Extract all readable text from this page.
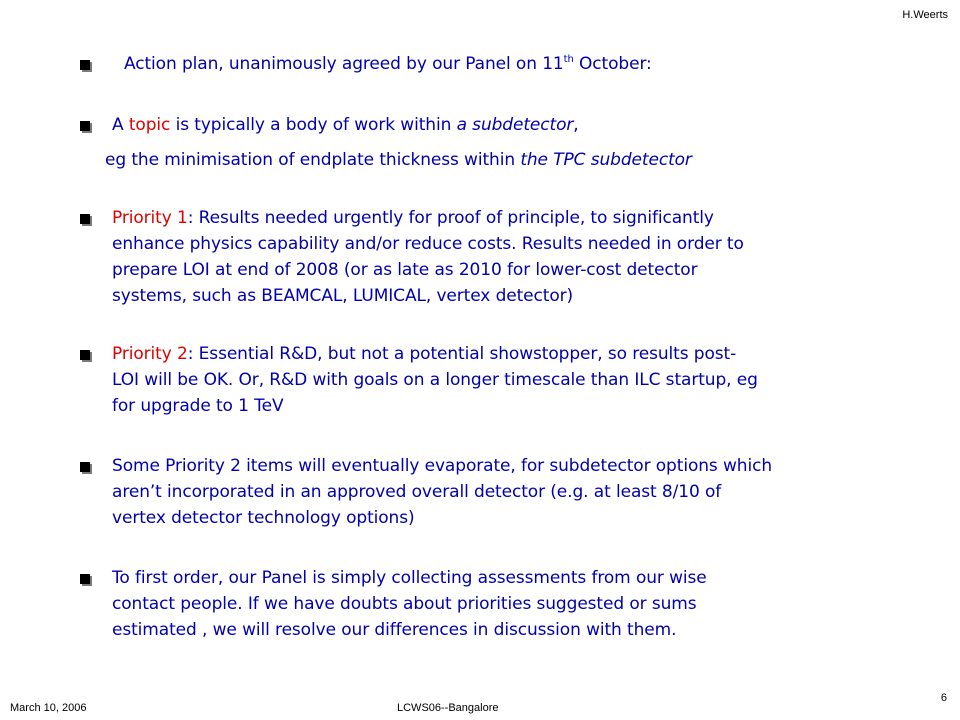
H.Weerts
Action plan, unanimously agreed by our Panel on 11th October:
A topic is typically a body of work within a subdetector,
eg the minimisation of endplate thickness within the TPC subdetector
Priority 1: Results needed urgently for proof of principle, to significantly
enhance physics capability and/or reduce costs. Results needed in order to
prepare LOI at end of 2008 (or as late as 2010 for lower-cost detector
systems, such as BEAMCAL, LUMICAL, vertex detector)
Priority 2: Essential R&D, but not a potential showstopper, so results post-
LOI will be OK. Or, R&D with goals on a longer timescale than ILC startup, eg
for upgrade to 1 TeV
Some Priority 2 items will eventually evaporate, for subdetector options which
aren’t incorporated in an approved overall detector (e.g. at least 8/10 of
vertex detector technology options)
To first order, our Panel is simply collecting assessments from our wise
contact people. If we have doubts about priorities suggested or sums
estimated , we will resolve our differences in discussion with them.
March 10, 2006	LCWS06--Bangalore
6
